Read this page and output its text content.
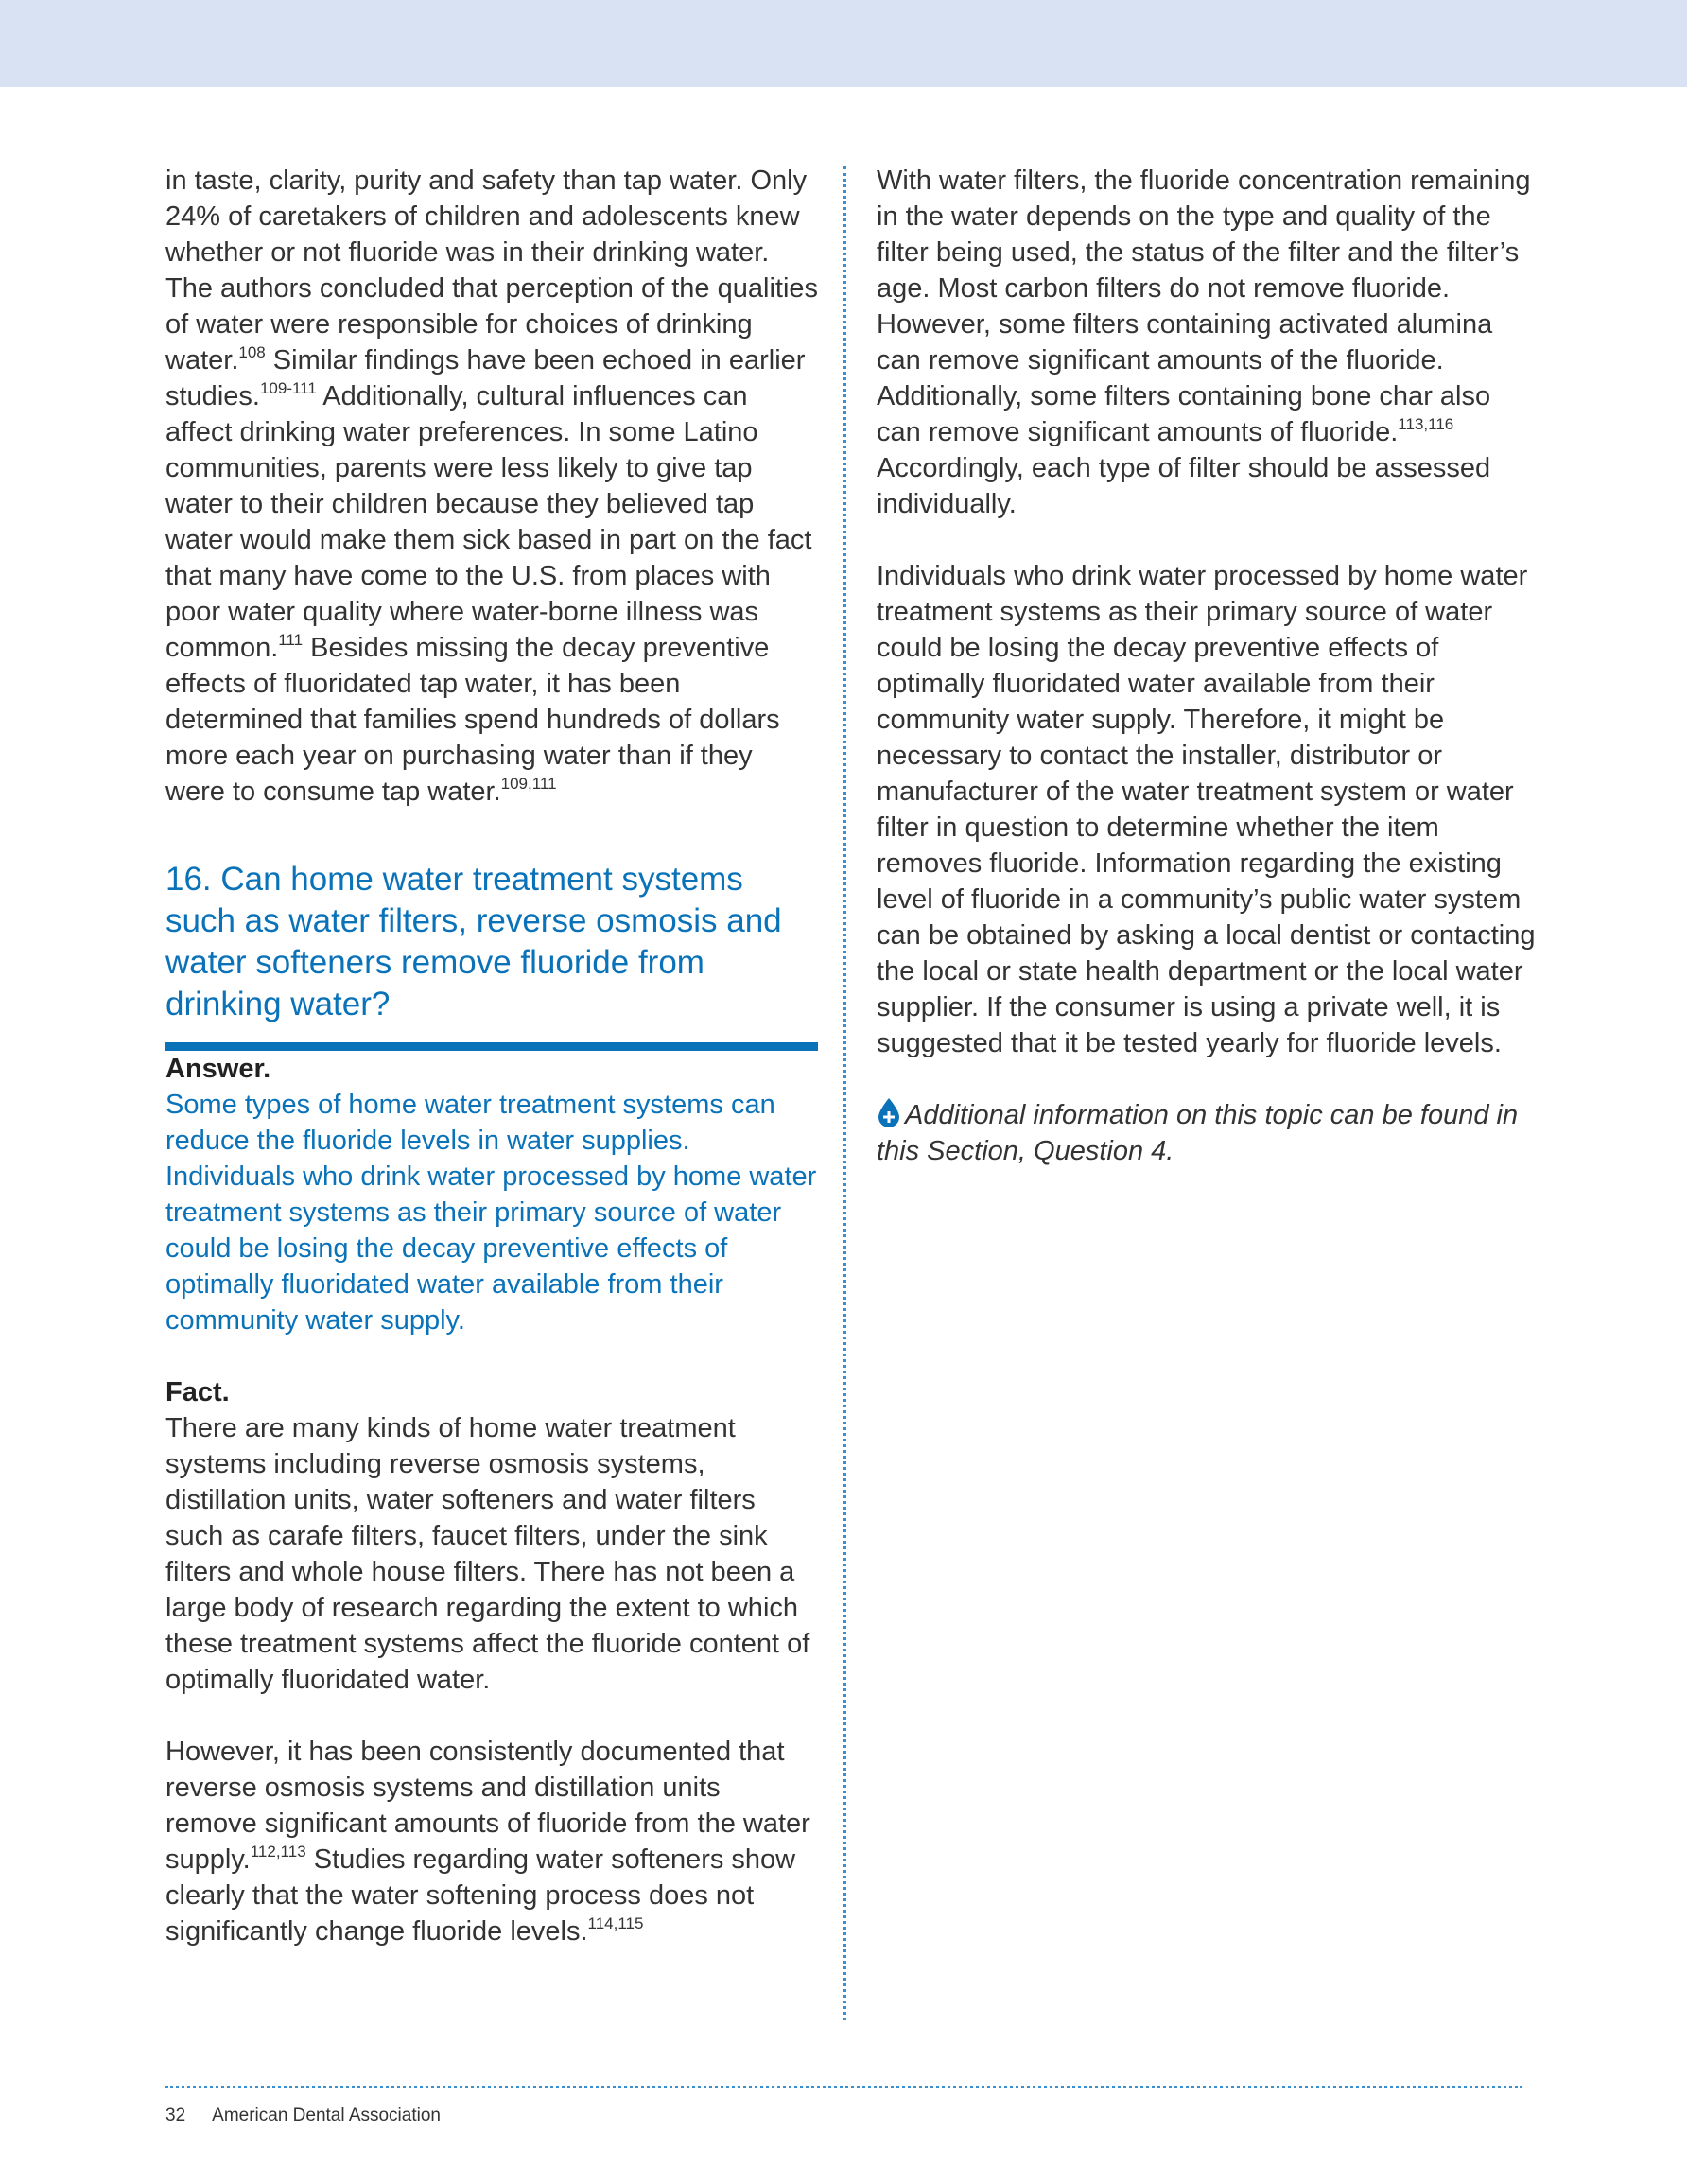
in taste, clarity, purity and safety than tap water. Only 24% of caretakers of children and adolescents knew whether or not fluoride was in their drinking water. The authors concluded that perception of the qualities of water were responsible for choices of drinking water.$^{108}$ Similar findings have been echoed in earlier studies.$^{109-111}$ Additionally, cultural influences can affect drinking water preferences. In some Latino communities, parents were less likely to give tap water to their children because they believed tap water would make them sick based in part on the fact that many have come to the U.S. from places with poor water quality where water-borne illness was common.$^{111}$ Besides missing the decay preventive effects of fluoridated tap water, it has been determined that families spend hundreds of dollars more each year on purchasing water than if they were to consume tap water.$^{109,111}$

16. Can home water treatment systems such as water filters, reverse osmosis and water softeners remove fluoride from drinking water?

Answer.

Some types of home water treatment systems can reduce the fluoride levels in water supplies. Individuals who drink water processed by home water treatment systems as their primary source of water could be losing the decay preventive effects of optimally fluoridated water available from their community water supply.

Fact.

There are many kinds of home water treatment systems including reverse osmosis systems, distillation units, water softeners and water filters such as carafe filters, faucet filters, under the sink filters and whole house filters. There has not been a large body of research regarding the extent to which these treatment systems affect the fluoride content of optimally fluoridated water.

However, it has been consistently documented that reverse osmosis systems and distillation units remove significant amounts of fluoride from the water supply.$^{112,113}$ Studies regarding water softeners show clearly that the water softening process does not significantly change fluoride levels.$^{114,115}$

With water filters, the fluoride concentration remaining in the water depends on the type and quality of the filter being used, the status of the filter and the filter’s age. Most carbon filters do not remove fluoride. However, some filters containing activated alumina can remove significant amounts of the fluoride. Additionally, some filters containing bone char also can remove significant amounts of fluoride.$^{113,116}$ Accordingly, each type of filter should be assessed individually.

Individuals who drink water processed by home water treatment systems as their primary source of water could be losing the decay preventive effects of optimally fluoridated water available from their community water supply. Therefore, it might be necessary to contact the installer, distributor or manufacturer of the water treatment system or water filter in question to determine whether the item removes fluoride. Information regarding the existing level of fluoride in a community’s public water system can be obtained by asking a local dentist or contacting the local or state health department or the local water supplier. If the consumer is using a private well, it is suggested that it be tested yearly for fluoride levels.

Additional information on this topic can be found in this Section, Question 4.

32 American Dental Association
